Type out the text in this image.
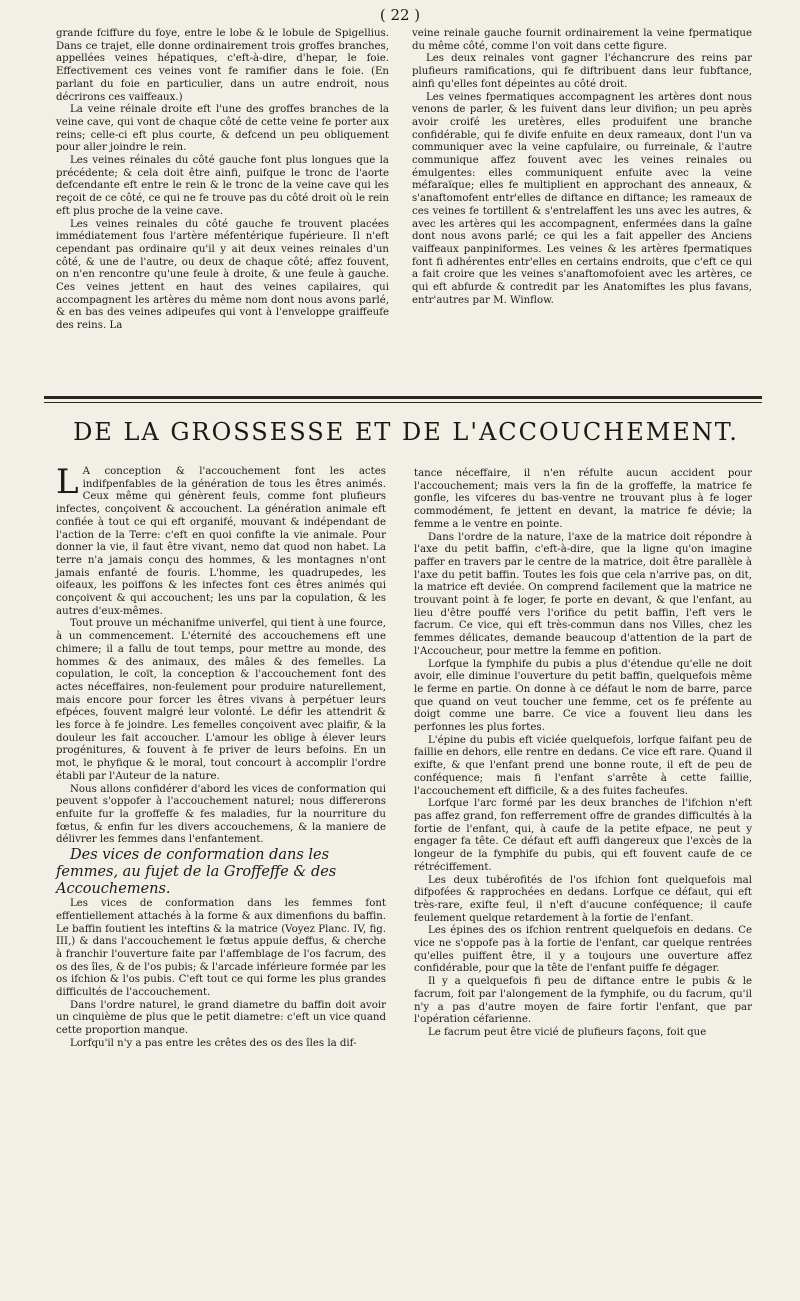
( 22 )

grande fciffure du foye, entre le lobe & le lobule de Spigellius. Dans ce trajet, elle donne ordinairement trois groffes branches, appellées veines hépatiques, c'eft-à-dire, d'hepar, le foie. Effectivement ces veines vont fe ramifier dans le foie. (En parlant du foie en particulier, dans un autre endroit, nous décrirons ces vaiffeaux.)

La veine réinale droite eft l'une des groffes branches de la veine cave, qui vont de chaque côté de cette veine fe porter aux reins; celle-ci eft plus courte, & defcend un peu obliquement pour aller joindre le rein.

Les veines réinales du côté gauche font plus longues que la précédente; & cela doit être ainfi, puifque le tronc de l'aorte defcendante eft entre le rein & le tronc de la veine cave qui les reçoit de ce côté, ce qui ne fe trouve pas du côté droit où le rein eft plus proche de la veine cave.

Les veines reinales du côté gauche fe trouvent placées immédiatement fous l'artère méfentérique fupérieure. Il n'eft cependant pas ordinaire qu'il y ait deux veines reinales d'un côté, & une de l'autre, ou deux de chaque côté; affez fouvent, on n'en rencontre qu'une feule à droite, & une feule à gauche. Ces veines jettent en haut des veines capilaires, qui accompagnent les artères du même nom dont nous avons parlé, & en bas des veines adipeufes qui vont à l'enveloppe graiffeufe des reins. La

veine reinale gauche fournit ordinairement la veine fpermatique du même côté, comme l'on voit dans cette figure.

Les deux reinales vont gagner l'échancrure des reins par plufieurs ramifications, qui fe diftribuent dans leur fubftance, ainfi qu'elles font dépeintes au côté droit.

Les veines fpermatiques accompagnent les artères dont nous venons de parler, & les fuivent dans leur divifion; un peu après avoir croifé les uretères, elles produifent une branche confidérable, qui fe divife enfuite en deux rameaux, dont l'un va communiquer avec la veine capfulaire, ou furreinale, & l'autre communique affez fouvent avec les veines reinales ou émulgentes: elles communiquent enfuite avec la veine méfaraïque; elles fe multiplient en approchant des anneaux, & s'anaftomofent entr'elles de diftance en diftance; les rameaux de ces veines fe tortillent & s'entrelaffent les uns avec les autres, & avec les artères qui les accompagnent, enfermées dans la gaîne dont nous avons parlé; ce qui les a fait appeller des Anciens vaiffeaux panpiniformes. Les veines & les artères fpermatiques font fi adhérentes entr'elles en certains endroits, que c'eft ce qui a fait croire que les veines s'anaftomofoient avec les artères, ce qui eft abfurde & contredit par les Anatomiftes les plus favans, entr'autres par M. Winflow.

DE LA GROSSESSE ET DE L'ACCOUCHEMENT.

L A conception & l'accouchement font les actes indifpenfables de la génération de tous les êtres animés. Ceux même qui génèrent feuls, comme font plufieurs infectes, conçoivent & accouchent. La génération animale eft confiée à tout ce qui eft organifé, mouvant & indépendant de l'action de la Terre: c'eft en quoi confifte la vie animale. Pour donner la vie, il faut être vivant, nemo dat quod non habet. La terre n'a jamais conçu des hommes, & les montagnes n'ont jamais enfanté de fouris. L'homme, les quadrupedes, les oifeaux, les poiffons & les infectes font ces êtres animés qui conçoivent & qui accouchent; les uns par la copulation, & les autres d'eux-mêmes.

Tout prouve un méchanifme univerfel, qui tient à une fource, à un commencement. L'éternité des accouchemens eft une chimere; il a fallu de tout temps, pour mettre au monde, des hommes & des animaux, des mâles & des femelles. La copulation, le coït, la conception & l'accouchement font des actes néceffaires, non-feulement pour produire naturellement, mais encore pour forcer les êtres vivans à perpétuer leurs efpéces, fouvent malgré leur volonté. Le défir les attendrit & les force à fe joindre. Les femelles conçoivent avec plaifir, & la douleur les fait accoucher. L'amour les oblige à élever leurs progénitures, & fouvent à fe priver de leurs befoins. En un mot, le phyfique & le moral, tout concourt à accomplir l'ordre établi par l'Auteur de la nature.

Nous allons confidérer d'abord les vices de conformation qui peuvent s'oppofer à l'accouchement naturel; nous differerons enfuite fur la groffeffe & fes maladies, fur la nourriture du fœtus, & enfin fur les divers accouchemens, & la maniere de délivrer les femmes dans l'enfantement.

Des vices de conformation dans les femmes, au fujet de la Groffeffe & des Accouchemens.

Les vices de conformation dans les femmes font effentiellement attachés à la forme & aux dimenfions du baffin. Le baffin foutient les inteftins & la matrice (Voyez Planc. IV, fig. III,) & dans l'accouchement le fœtus appuie deffus, & cherche à franchir l'ouverture faite par l'affemblage de l'os facrum, des os des îles, & de l'os pubis; & l'arcade inférieure formée par les os ifchion & l'os pubis. C'eft tout ce qui forme les plus grandes difficultés de l'accouchement.

Dans l'ordre naturel, le grand diametre du baffin doit avoir un cinquième de plus que le petit diametre: c'eft un vice quand cette proportion manque.

Lorfqu'il n'y a pas entre les crêtes des os des îles la dif-

tance néceffaire, il n'en réfulte aucun accident pour l'accouchement; mais vers la fin de la groffeffe, la matrice fe gonfle, les vifceres du bas-ventre ne trouvant plus à fe loger commodément, fe jettent en devant, la matrice fe dévie; la femme a le ventre en pointe.

Dans l'ordre de la nature, l'axe de la matrice doit répondre à l'axe du petit baffin, c'eft-à-dire, que la ligne qu'on imagine paffer en travers par le centre de la matrice, doit être parallèle à l'axe du petit baffin. Toutes les fois que cela n'arrive pas, on dit, la matrice eft deviée. On comprend facilement que la matrice ne trouvant point à fe loger, fe porte en devant, & que l'enfant, au lieu d'être pouffé vers l'orifice du petit baffin, l'eft vers le facrum. Ce vice, qui eft très-commun dans nos Villes, chez les femmes délicates, demande beaucoup d'attention de la part de l'Accoucheur, pour mettre la femme en pofition.

Lorfque la fymphife du pubis a plus d'étendue qu'elle ne doit avoir, elle diminue l'ouverture du petit baffin, quelquefois même le ferme en partie. On donne à ce défaut le nom de barre, parce que quand on veut toucher une femme, cet os fe préfente au doigt comme une barre. Ce vice a fouvent lieu dans les perfonnes les plus fortes.

L'épine du pubis eft viciée quelquefois, lorfque faifant peu de faillie en dehors, elle rentre en dedans. Ce vice eft rare. Quand il exifte, & que l'enfant prend une bonne route, il eft de peu de conféquence; mais fi l'enfant s'arrête à cette faillie, l'accouchement eft difficile, & a des fuites facheufes.

Lorfque l'arc formé par les deux branches de l'ifchion n'eft pas affez grand, fon refferrement offre de grandes difficultés à la fortie de l'enfant, qui, à caufe de la petite efpace, ne peut y engager fa tête. Ce défaut eft auffi dangereux que l'excès de la longeur de la fymphife du pubis, qui eft fouvent caufe de ce rétréciffement.

Les deux tubérofités de l'os ifchion font quelquefois mal difpofées & rapprochées en dedans. Lorfque ce défaut, qui eft très-rare, exifte feul, il n'eft d'aucune conféquence; il caufe feulement quelque retardement à la fortie de l'enfant.

Les épines des os ifchion rentrent quelquefois en dedans. Ce vice ne s'oppofe pas à la fortie de l'enfant, car quelque rentrées qu'elles puiffent être, il y a toujours une ouverture affez confidérable, pour que la tête de l'enfant puiffe fe dégager.

Il y a quelquefois fi peu de diftance entre le pubis & le facrum, foit par l'alongement de la fymphife, ou du facrum, qu'il n'y a pas d'autre moyen de faire fortir l'enfant, que par l'opération céfarienne.

Le facrum peut être vicié de plufieurs façons, foit que
